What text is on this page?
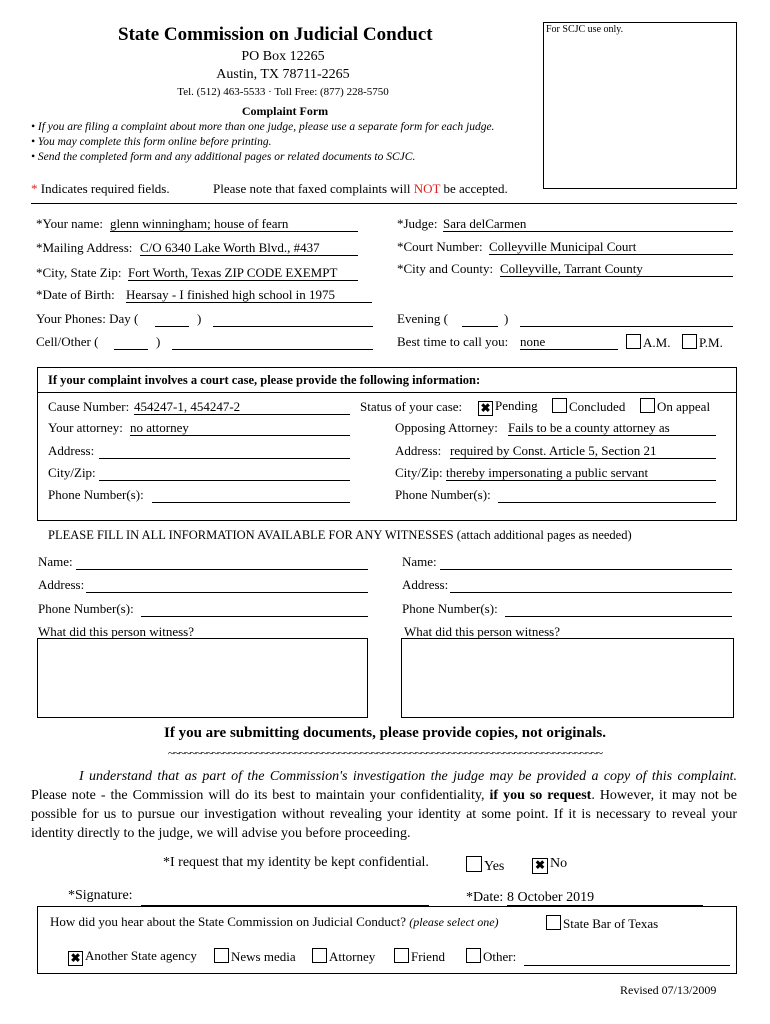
State Commission on Judicial Conduct
PO Box 12265
Austin, TX 78711-2265
Tel. (512) 463-5533 · Toll Free: (877) 228-5750
Complaint Form
• If you are filing a complaint about more than one judge, please use a separate form for each judge.
• You may complete this form online before printing.
• Send the completed form and any additional pages or related documents to SCJC.
For SCJC use only.
* Indicates required fields.	Please note that faxed complaints will NOT be accepted.
*Your name: glenn winningham; house of fearn
*Mailing Address: C/O 6340 Lake Worth Blvd., #437
*City, State Zip: Fort Worth, Texas ZIP CODE EXEMPT
*Date of Birth: Hearsay - I finished high school in 1975
Your Phones: Day (	)
Cell/Other (	)
*Judge: Sara delCarmen
*Court Number: Colleyville Municipal Court
*City and County: Colleyville, Tarrant County
Evening (	)
Best time to call you: none	A.M.	P.M.
If your complaint involves a court case, please provide the following information:
Cause Number: 454247-1, 454247-2	Status of your case: ✖ Pending	Concluded	On appeal
Your attorney: no attorney
Address:
City/Zip:
Phone Number(s):
Opposing Attorney: Fails to be a county attorney as
Address: required by Const. Article 5, Section 21
City/Zip: thereby impersonating a public servant
Phone Number(s):
PLEASE FILL IN ALL INFORMATION AVAILABLE FOR ANY WITNESSES (attach additional pages as needed)
Name:
Address:
Phone Number(s):
What did this person witness?
Name:
Address:
Phone Number(s):
What did this person witness?
If you are submitting documents, please provide copies, not originals.
~~~~~~~~~~~~~~~~~~~~~~~~~~~~~~~~~~~~~~~~~~~~~~~~~~~~~~~~~~~~~~~~~~~~~~~~~~~~~~~
I understand that as part of the Commission's investigation the judge may be provided a copy of this complaint. Please note - the Commission will do its best to maintain your confidentiality, if you so request. However, it may not be possible for us to pursue our investigation without revealing your identity at some point. If it is necessary to reveal your identity directly to the judge, we will advise you before proceeding.
*I request that my identity be kept confidential.	Yes	✖ No
*Signature:	*Date: 8 October 2019
How did you hear about the State Commission on Judicial Conduct? (please select one)	State Bar of Texas
✖ Another State agency	News media	Attorney	Friend	Other:
Revised 07/13/2009
